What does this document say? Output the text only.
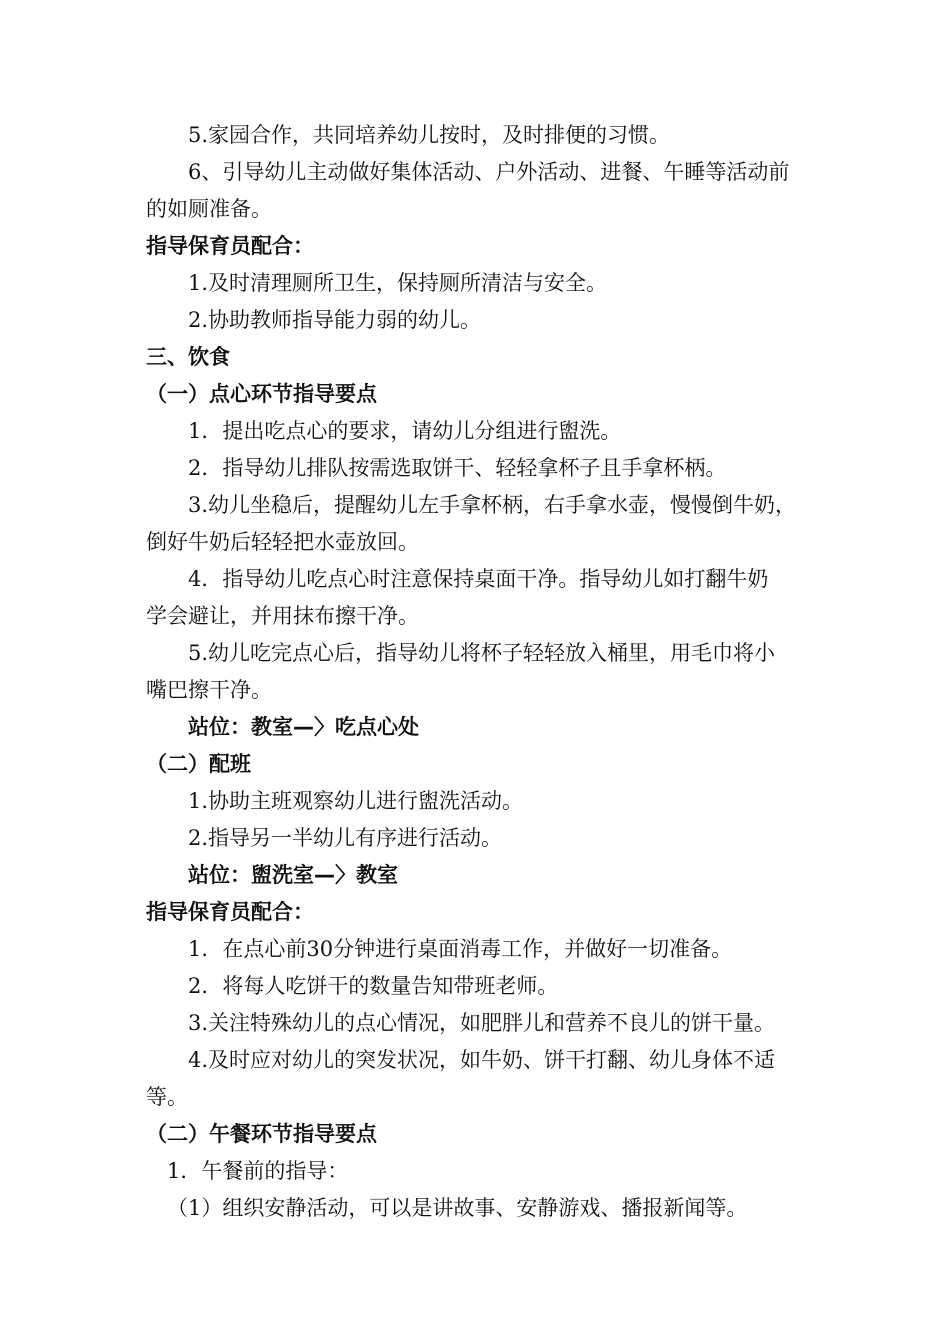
5.家园合作，共同培养幼儿按时，及时排便的习惯。
6、引导幼儿主动做好集体活动、户外活动、进餐、午睡等活动前
的如厕准备。
指导保育员配合：
1.及时清理厕所卫生，保持厕所清洁与安全。
2.协助教师指导能力弱的幼儿。
三、饮食
（一）点心环节指导要点
1．提出吃点心的要求，请幼儿分组进行盥洗。
2．指导幼儿排队按需选取饼干、轻轻拿杯子且手拿杯柄。
3.幼儿坐稳后，提醒幼儿左手拿杯柄，右手拿水壶，慢慢倒牛奶，
倒好牛奶后轻轻把水壶放回。
4．指导幼儿吃点心时注意保持桌面干净。指导幼儿如打翻牛奶
学会避让，并用抹布擦干净。
5.幼儿吃完点心后，指导幼儿将杯子轻轻放入桶里，用毛巾将小
嘴巴擦干净。
站位：教室—〉吃点心处
（二）配班
1.协助主班观察幼儿进行盥洗活动。
2.指导另一半幼儿有序进行活动。
站位：盥洗室—〉教室
指导保育员配合：
1．在点心前30分钟进行桌面消毒工作，并做好一切准备。
2．将每人吃饼干的数量告知带班老师。
3.关注特殊幼儿的点心情况，如肥胖儿和营养不良儿的饼干量。
4.及时应对幼儿的突发状况，如牛奶、饼干打翻、幼儿身体不适
等。
（二）午餐环节指导要点
1．午餐前的指导：
（1）组织安静活动，可以是讲故事、安静游戏、播报新闻等。
